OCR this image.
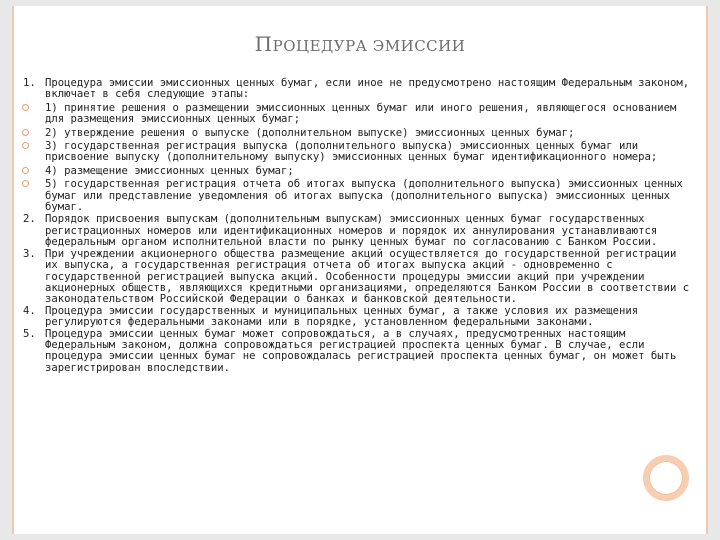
ПРОЦЕДУРА ЭМИССИИ
1. Процедура эмиссии эмиссионных ценных бумаг, если иное не предусмотрено настоящим Федеральным законом, включает в себя следующие этапы:
1) принятие решения о размещении эмиссионных ценных бумаг или иного решения, являющегося основанием для размещения эмиссионных ценных бумаг;
2) утверждение решения о выпуске (дополнительном выпуске) эмиссионных ценных бумаг;
3) государственная регистрация выпуска (дополнительного выпуска) эмиссионных ценных бумаг или присвоение выпуску (дополнительному выпуску) эмиссионных ценных бумаг идентификационного номера;
4) размещение эмиссионных ценных бумаг;
5) государственная регистрация отчета об итогах выпуска (дополнительного выпуска) эмиссионных ценных бумаг или представление уведомления об итогах выпуска (дополнительного выпуска) эмиссионных ценных бумаг.
2. Порядок присвоения выпускам (дополнительным выпускам) эмиссионных ценных бумаг государственных регистрационных номеров или идентификационных номеров и порядок их аннулирования устанавливаются федеральным органом исполнительной власти по рынку ценных бумаг по согласованию с Банком России.
3. При учреждении акционерного общества размещение акций осуществляется до государственной регистрации их выпуска, а государственная регистрация отчета об итогах выпуска акций - одновременно с государственной регистрацией выпуска акций. Особенности процедуры эмиссии акций при учреждении акционерных обществ, являющихся кредитными организациями, определяются Банком России в соответствии с законодательством Российской Федерации о банках и банковской деятельности.
4. Процедура эмиссии государственных и муниципальных ценных бумаг, а также условия их размещения регулируются федеральными законами или в порядке, установленном федеральными законами.
5. Процедура эмиссии ценных бумаг может сопровождаться, а в случаях, предусмотренных настоящим Федеральным законом, должна сопровождаться регистрацией проспекта ценных бумаг. В случае, если процедура эмиссии ценных бумаг не сопровождалась регистрацией проспекта ценных бумаг, он может быть зарегистрирован впоследствии.
